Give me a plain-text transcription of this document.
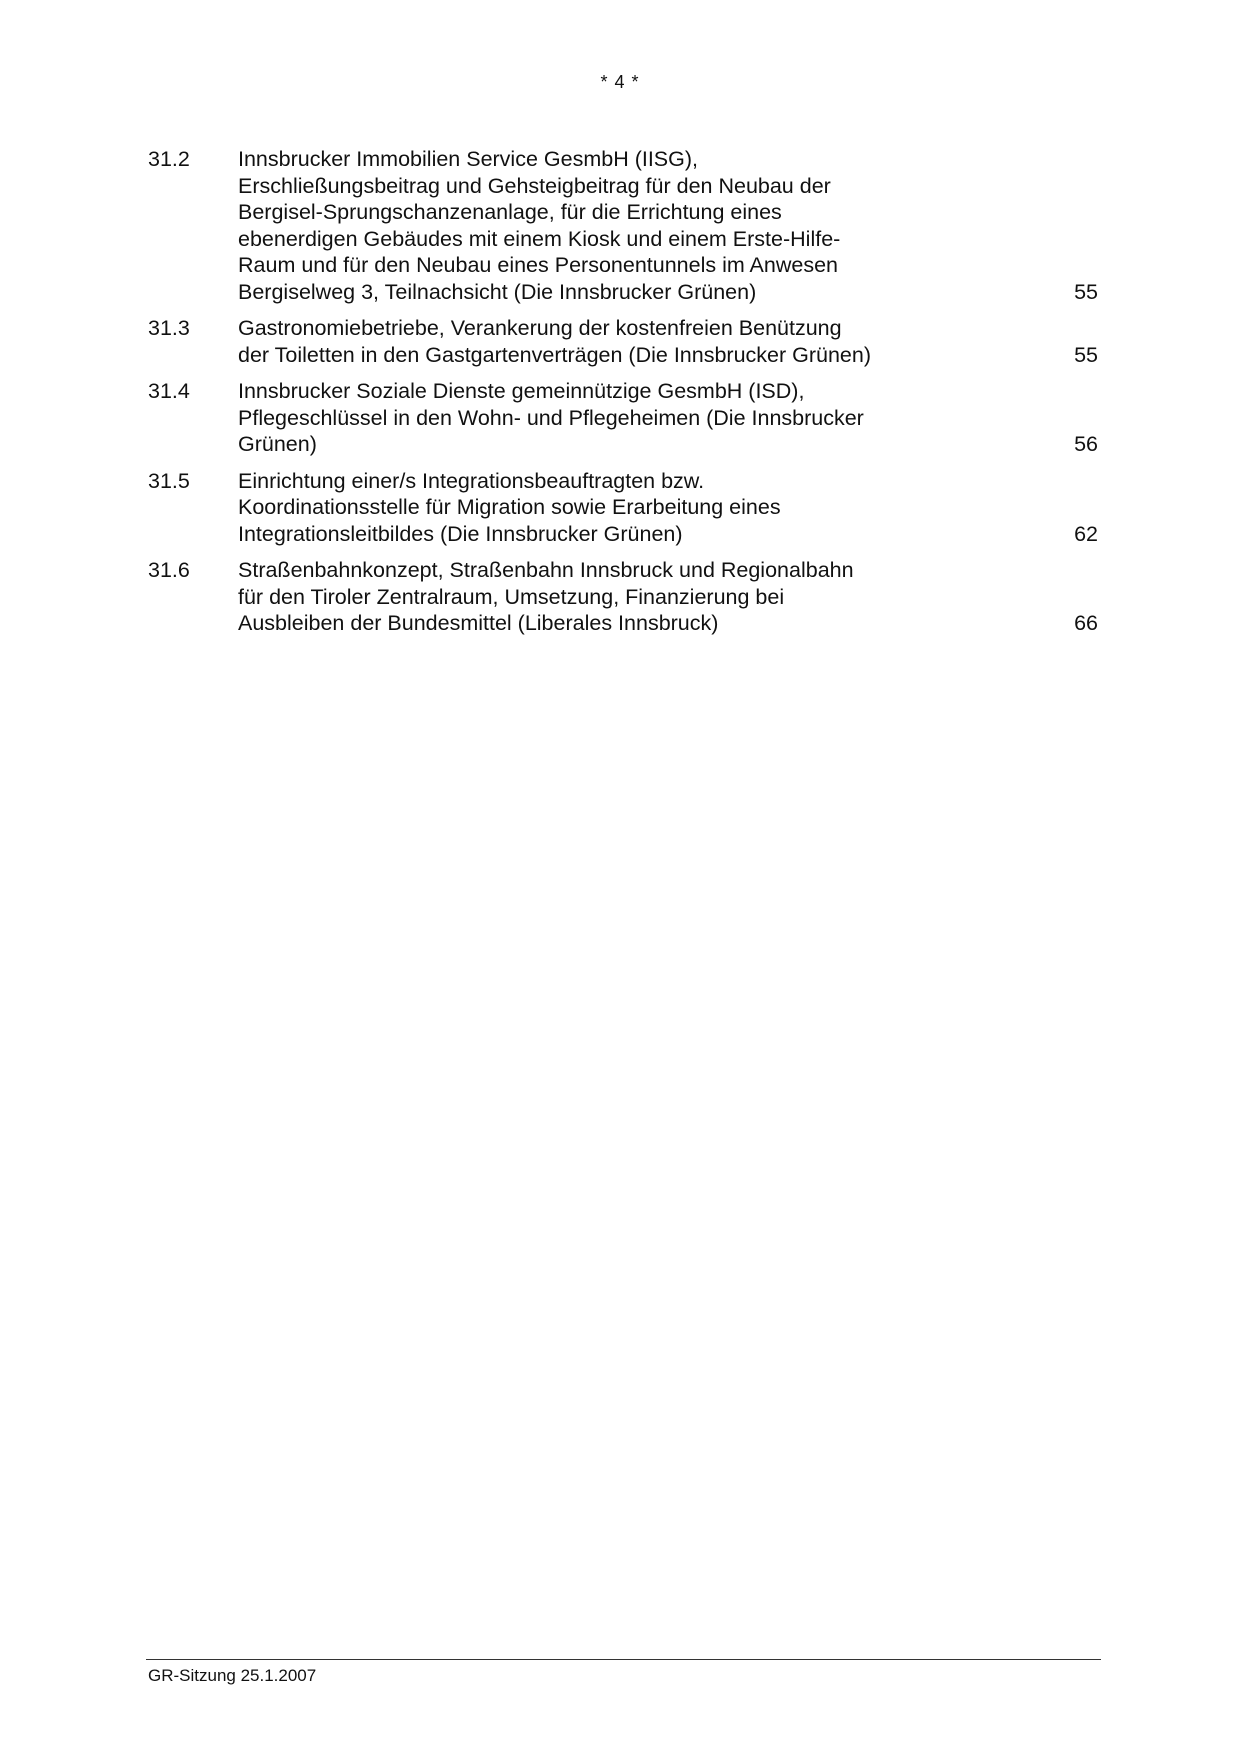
* 4 *
31.2	Innsbrucker Immobilien Service GesmbH (IISG),
Erschließungsbeitrag und Gehsteigbeitrag für den Neubau der
Bergisel-Sprungschanzenanlage, für die Errichtung eines
ebenerdigen Gebäudes mit einem Kiosk und einem Erste-Hilfe-
Raum und für den Neubau eines Personentunnels im Anwesen
Bergiselweg 3, Teilnachsicht (Die Innsbrucker Grünen)	55
31.3	Gastronomiebetriebe, Verankerung der kostenfreien Benützung
der Toiletten in den Gastgartenverträgen (Die Innsbrucker Grünen)	55
31.4	Innsbrucker Soziale Dienste gemeinnützige GesmbH (ISD),
Pflegeschlüssel in den Wohn- und Pflegeheimen (Die Innsbrucker
Grünen)	56
31.5	Einrichtung einer/s Integrationsbeauftragten bzw.
Koordinationsstelle für Migration sowie Erarbeitung eines
Integrationsleitbildes (Die Innsbrucker Grünen)	62
31.6	Straßenbahnkonzept, Straßenbahn Innsbruck und Regionalbahn
für den Tiroler Zentralraum, Umsetzung, Finanzierung bei
Ausbleiben der Bundesmittel (Liberales Innsbruck)	66
GR-Sitzung 25.1.2007
